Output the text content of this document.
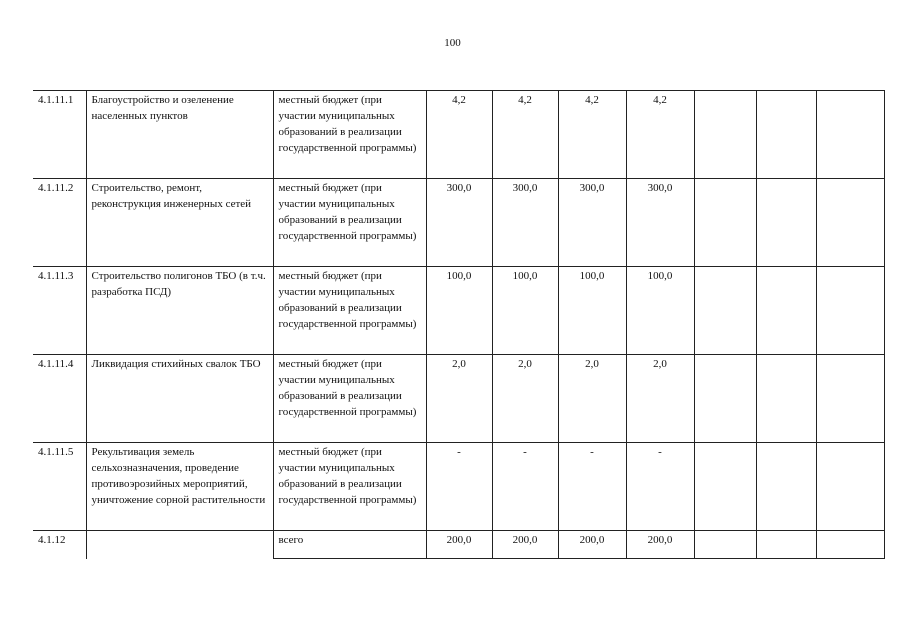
100
4.1.11.1	Благоустройство и озеленение населенных пунктов	местный бюджет (при участии муниципальных образований в реализации государственной программы)	4,2	4,2	4,2	4,2			
4.1.11.2	Строительство, ремонт, реконструкция инженерных сетей	местный бюджет (при участии муниципальных образований в реализации государственной программы)	300,0	300,0	300,0	300,0			
4.1.11.3	Строительство полигонов ТБО (в т.ч. разработка ПСД)	местный бюджет (при участии муниципальных образований в реализации государственной программы)	100,0	100,0	100,0	100,0			
4.1.11.4	Ликвидация стихийных свалок ТБО	местный бюджет (при участии муниципальных образований в реализации государственной программы)	2,0	2,0	2,0	2,0			
4.1.11.5	Рекультивация земель сельхозназначения, проведение противоэрозийных мероприятий, уничтожение сорной растительности	местный бюджет (при участии муниципальных образований в реализации государственной программы)	-	-	-	-			
4.1.12		всего	200,0	200,0	200,0	200,0			
